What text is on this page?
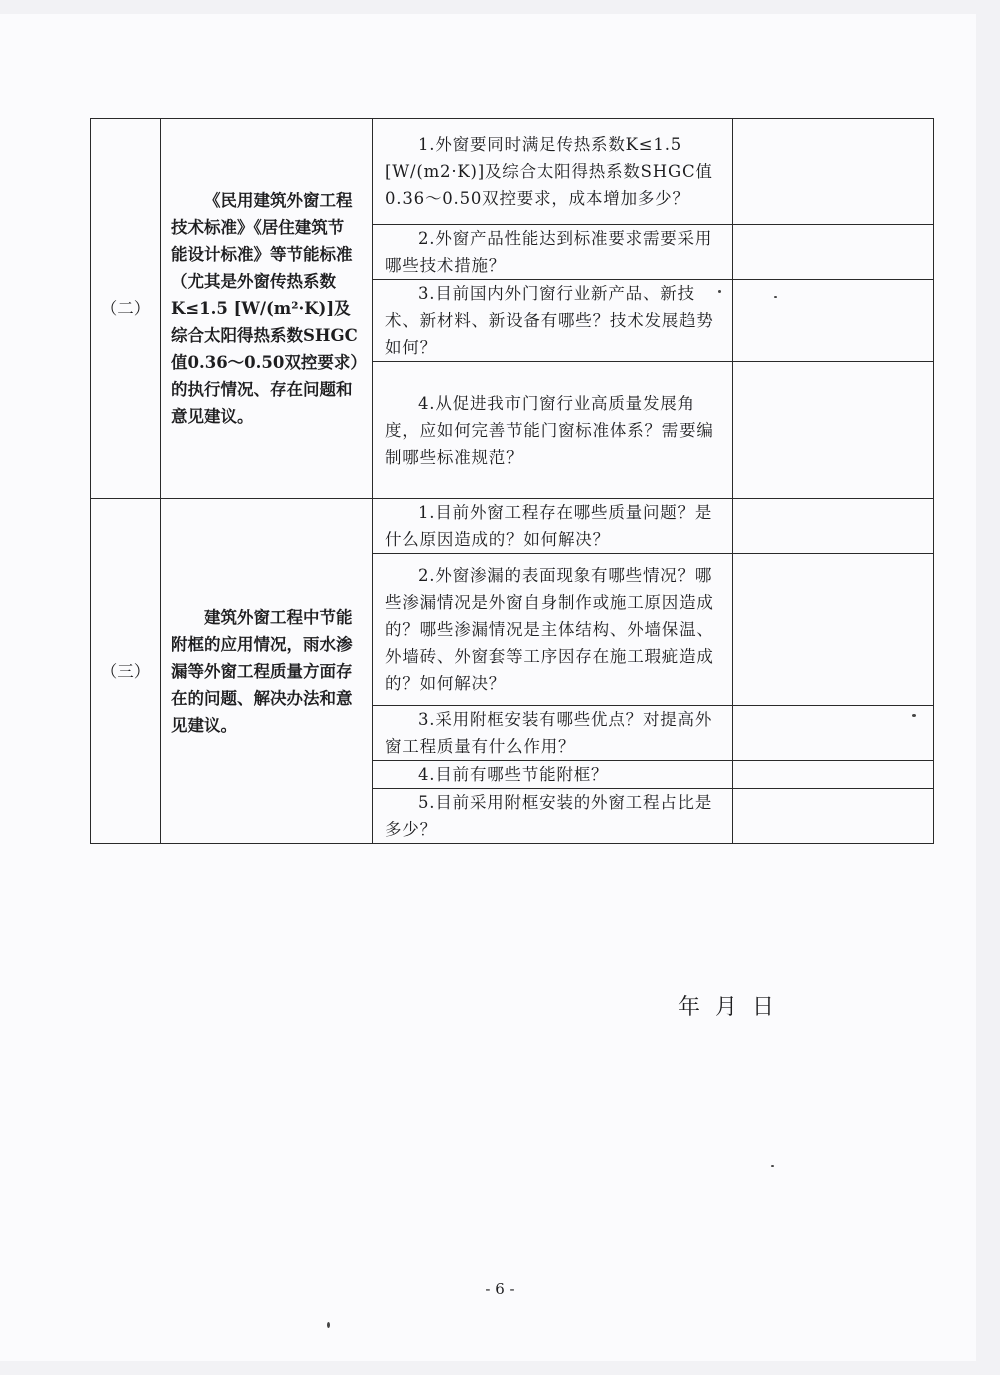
（二）	《民用建筑外窗工程技术标准》《居住建筑节能设计标准》等节能标准（尤其是外窗传热系数K≤1.5 [W/(m²·K)]及综合太阳得热系数SHGC值0.36～0.50双控要求）的执行情况、存在问题和意见建议。	1.外窗要同时满足传热系数K≤1.5 [W/(m2·K)]及综合太阳得热系数SHGC值0.36～0.50双控要求，成本增加多少？	

		2.外窗产品性能达到标准要求需要采用哪些技术措施？	

		3.目前国内外门窗行业新产品、新技术、新材料、新设备有哪些？技术发展趋势如何？	

		4.从促进我市门窗行业高质量发展角度，应如何完善节能门窗标准体系？需要编制哪些标准规范？	

（三）	建筑外窗工程中节能附框的应用情况，雨水渗漏等外窗工程质量方面存在的问题、解决办法和意见建议。	1.目前外窗工程存在哪些质量问题？是什么原因造成的？如何解决？	

		2.外窗渗漏的表面现象有哪些情况？哪些渗漏情况是外窗自身制作或施工原因造成的？哪些渗漏情况是主体结构、外墙保温、外墙砖、外窗套等工序因存在施工瑕疵造成的？如何解决？	

		3.采用附框安装有哪些优点？对提高外窗工程质量有什么作用？	

		4.目前有哪些节能附框？	

		5.目前采用附框安装的外窗工程占比是多少？	

年 月 日
- 6 -
